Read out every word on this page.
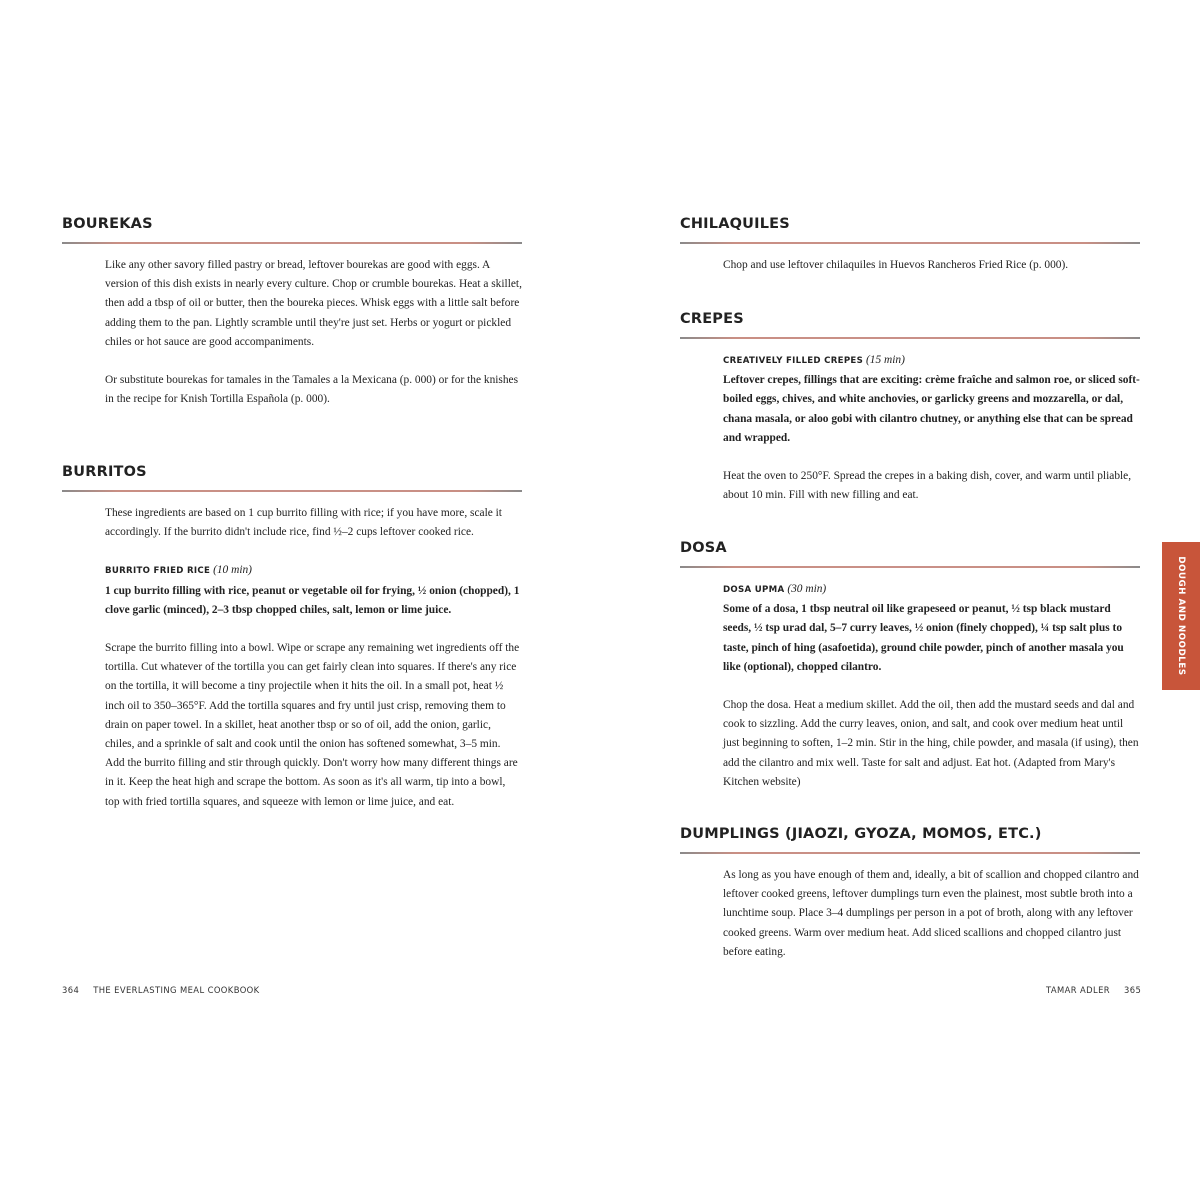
BOUREKAS

Like any other savory filled pastry or bread, leftover bourekas are good with eggs. A version of this dish exists in nearly every culture. Chop or crumble bourekas. Heat a skillet, then add a tbsp of oil or butter, then the boureka pieces. Whisk eggs with a little salt before adding them to the pan. Lightly scramble until they're just set. Herbs or yogurt or pickled chiles or hot sauce are good accompaniments.

Or substitute bourekas for tamales in the Tamales a la Mexicana (p. 000) or for the knishes in the recipe for Knish Tortilla Española (p. 000).

BURRITOS

These ingredients are based on 1 cup burrito filling with rice; if you have more, scale it accordingly. If the burrito didn't include rice, find ½–2 cups leftover cooked rice.

BURRITO FRIED RICE (10 min)
1 cup burrito filling with rice, peanut or vegetable oil for frying, ½ onion (chopped), 1 clove garlic (minced), 2–3 tbsp chopped chiles, salt, lemon or lime juice.

Scrape the burrito filling into a bowl. Wipe or scrape any remaining wet ingredients off the tortilla. Cut whatever of the tortilla you can get fairly clean into squares. If there's any rice on the tortilla, it will become a tiny projectile when it hits the oil. In a small pot, heat ½ inch oil to 350–365°F. Add the tortilla squares and fry until just crisp, removing them to drain on paper towel. In a skillet, heat another tbsp or so of oil, add the onion, garlic, chiles, and a sprinkle of salt and cook until the onion has softened somewhat, 3–5 min. Add the burrito filling and stir through quickly. Don't worry how many different things are in it. Keep the heat high and scrape the bottom. As soon as it's all warm, tip into a bowl, top with fried tortilla squares, and squeeze with lemon or lime juice, and eat.

364 THE EVERLASTING MEAL COOKBOOK
CHILAQUILES

Chop and use leftover chilaquiles in Huevos Rancheros Fried Rice (p. 000).

CREPES

CREATIVELY FILLED CREPES (15 min)
Leftover crepes, fillings that are exciting: crème fraîche and salmon roe, or sliced soft-boiled eggs, chives, and white anchovies, or garlicky greens and mozzarella, or dal, chana masala, or aloo gobi with cilantro chutney, or anything else that can be spread and wrapped.

Heat the oven to 250°F. Spread the crepes in a baking dish, cover, and warm until pliable, about 10 min. Fill with new filling and eat.

DOSA

DOSA UPMA (30 min)
Some of a dosa, 1 tbsp neutral oil like grapeseed or peanut, ½ tsp black mustard seeds, ½ tsp urad dal, 5–7 curry leaves, ½ onion (finely chopped), ¼ tsp salt plus to taste, pinch of hing (asafoetida), ground chile powder, pinch of another masala you like (optional), chopped cilantro.

Chop the dosa. Heat a medium skillet. Add the oil, then add the mustard seeds and dal and cook to sizzling. Add the curry leaves, onion, and salt, and cook over medium heat until just beginning to soften, 1–2 min. Stir in the hing, chile powder, and masala (if using), then add the cilantro and mix well. Taste for salt and adjust. Eat hot. (Adapted from Mary's Kitchen website)

DUMPLINGS (JIAOZI, GYOZA, MOMOS, ETC.)

As long as you have enough of them and, ideally, a bit of scallion and chopped cilantro and leftover cooked greens, leftover dumplings turn even the plainest, most subtle broth into a lunchtime soup. Place 3–4 dumplings per person in a pot of broth, along with any leftover cooked greens. Warm over medium heat. Add sliced scallions and chopped cilantro just before eating.

DOUGH AND NOODLES
TAMAR ADLER 365
